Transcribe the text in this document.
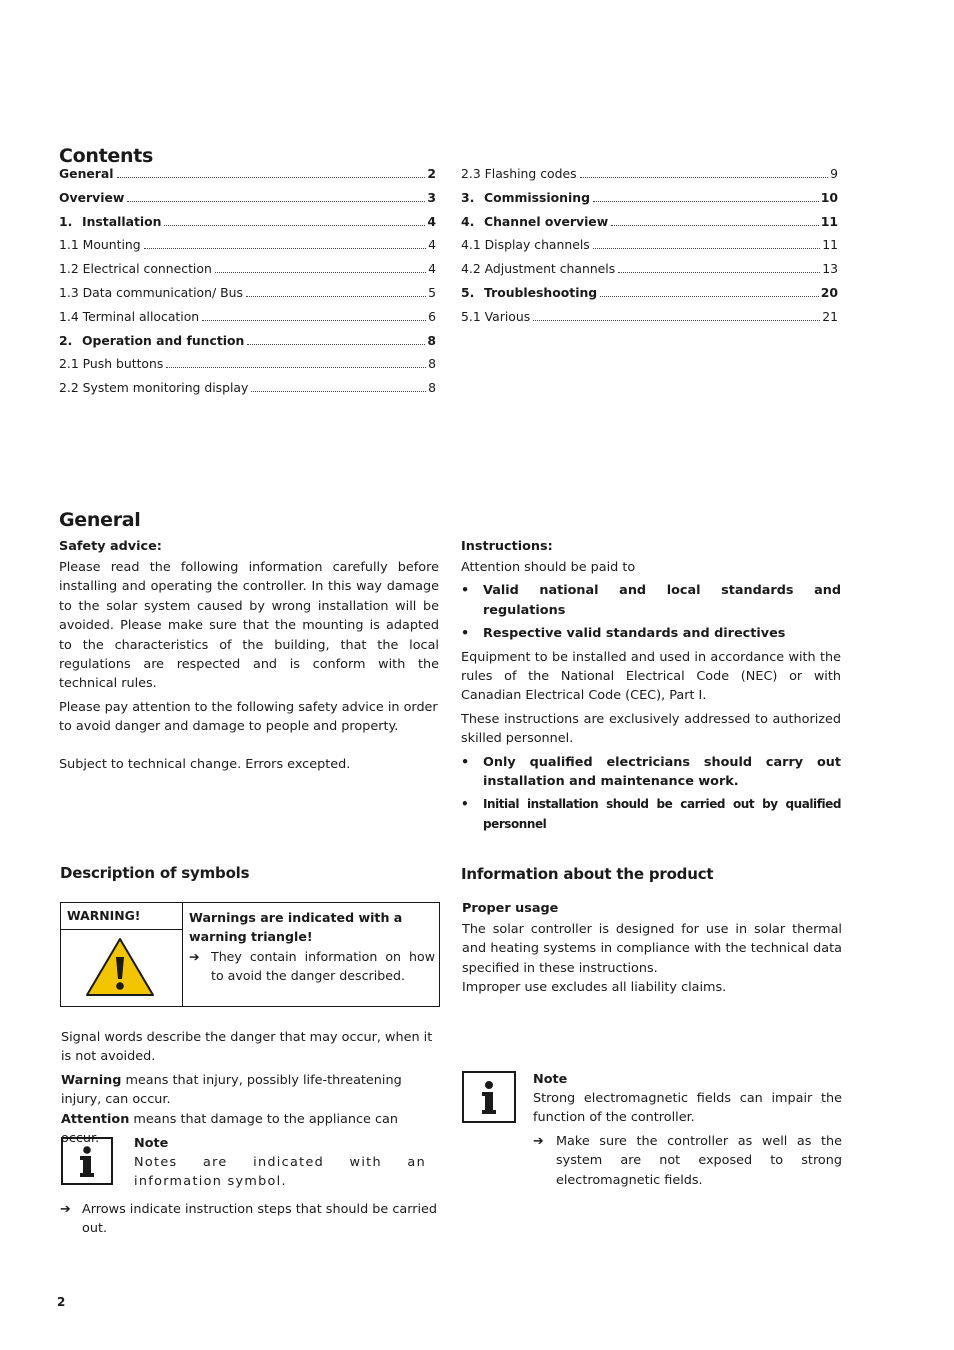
Contents
General	2
Overview	3
1. Installation	4
1.1 Mounting	4
1.2 Electrical connection	4
1.3 Data communication/ Bus	5
1.4 Terminal allocation	6
2. Operation and function	8
2.1 Push buttons	8
2.2 System monitoring display	8
2.3 Flashing codes	9
3. Commissioning	10
4. Channel overview	11
4.1 Display channels	11
4.2 Adjustment channels	13
5. Troubleshooting	20
5.1 Various	21
General
Safety advice:
Please read the following information carefully before installing and operating the controller. In this way damage to the solar system caused by wrong installation will be avoided. Please make sure that the mounting is adapted to the characteristics of the building, that the local regulations are respected and is conform with the technical rules.
Please pay attention to the following safety advice in order to avoid danger and damage to people and property.
Subject to technical change. Errors excepted.
Instructions:
Attention should be paid to
• Valid national and local standards and regulations
• Respective valid standards and directives
Equipment to be installed and used in accordance with the rules of the National Electrical Code (NEC) or with Canadian Electrical Code (CEC), Part I.
These instructions are exclusively addressed to authorized skilled personnel.
• Only qualified electricians should carry out installation and maintenance work.
• Initial installation should be carried out by qualified personnel
Description of symbols
WARNING!	Warnings are indicated with a warning triangle!
➔ They contain information on how to avoid the danger described.
Signal words describe the danger that may occur, when it is not avoided.
Warning means that injury, possibly life-threatening injury, can occur.
Attention means that damage to the appliance can occur.	Note
Notes are indicated with an information symbol.
➔ Arrows indicate instruction steps that should be carried out.
Information about the product
Proper usage
The solar controller is designed for use in solar thermal and heating systems in compliance with the technical data specified in these instructions.
Improper use excludes all liability claims.
Note
Strong electromagnetic fields can impair the function of the controller.
➔ Make sure the controller as well as the system are not exposed to strong electromagnetic fields.
2
